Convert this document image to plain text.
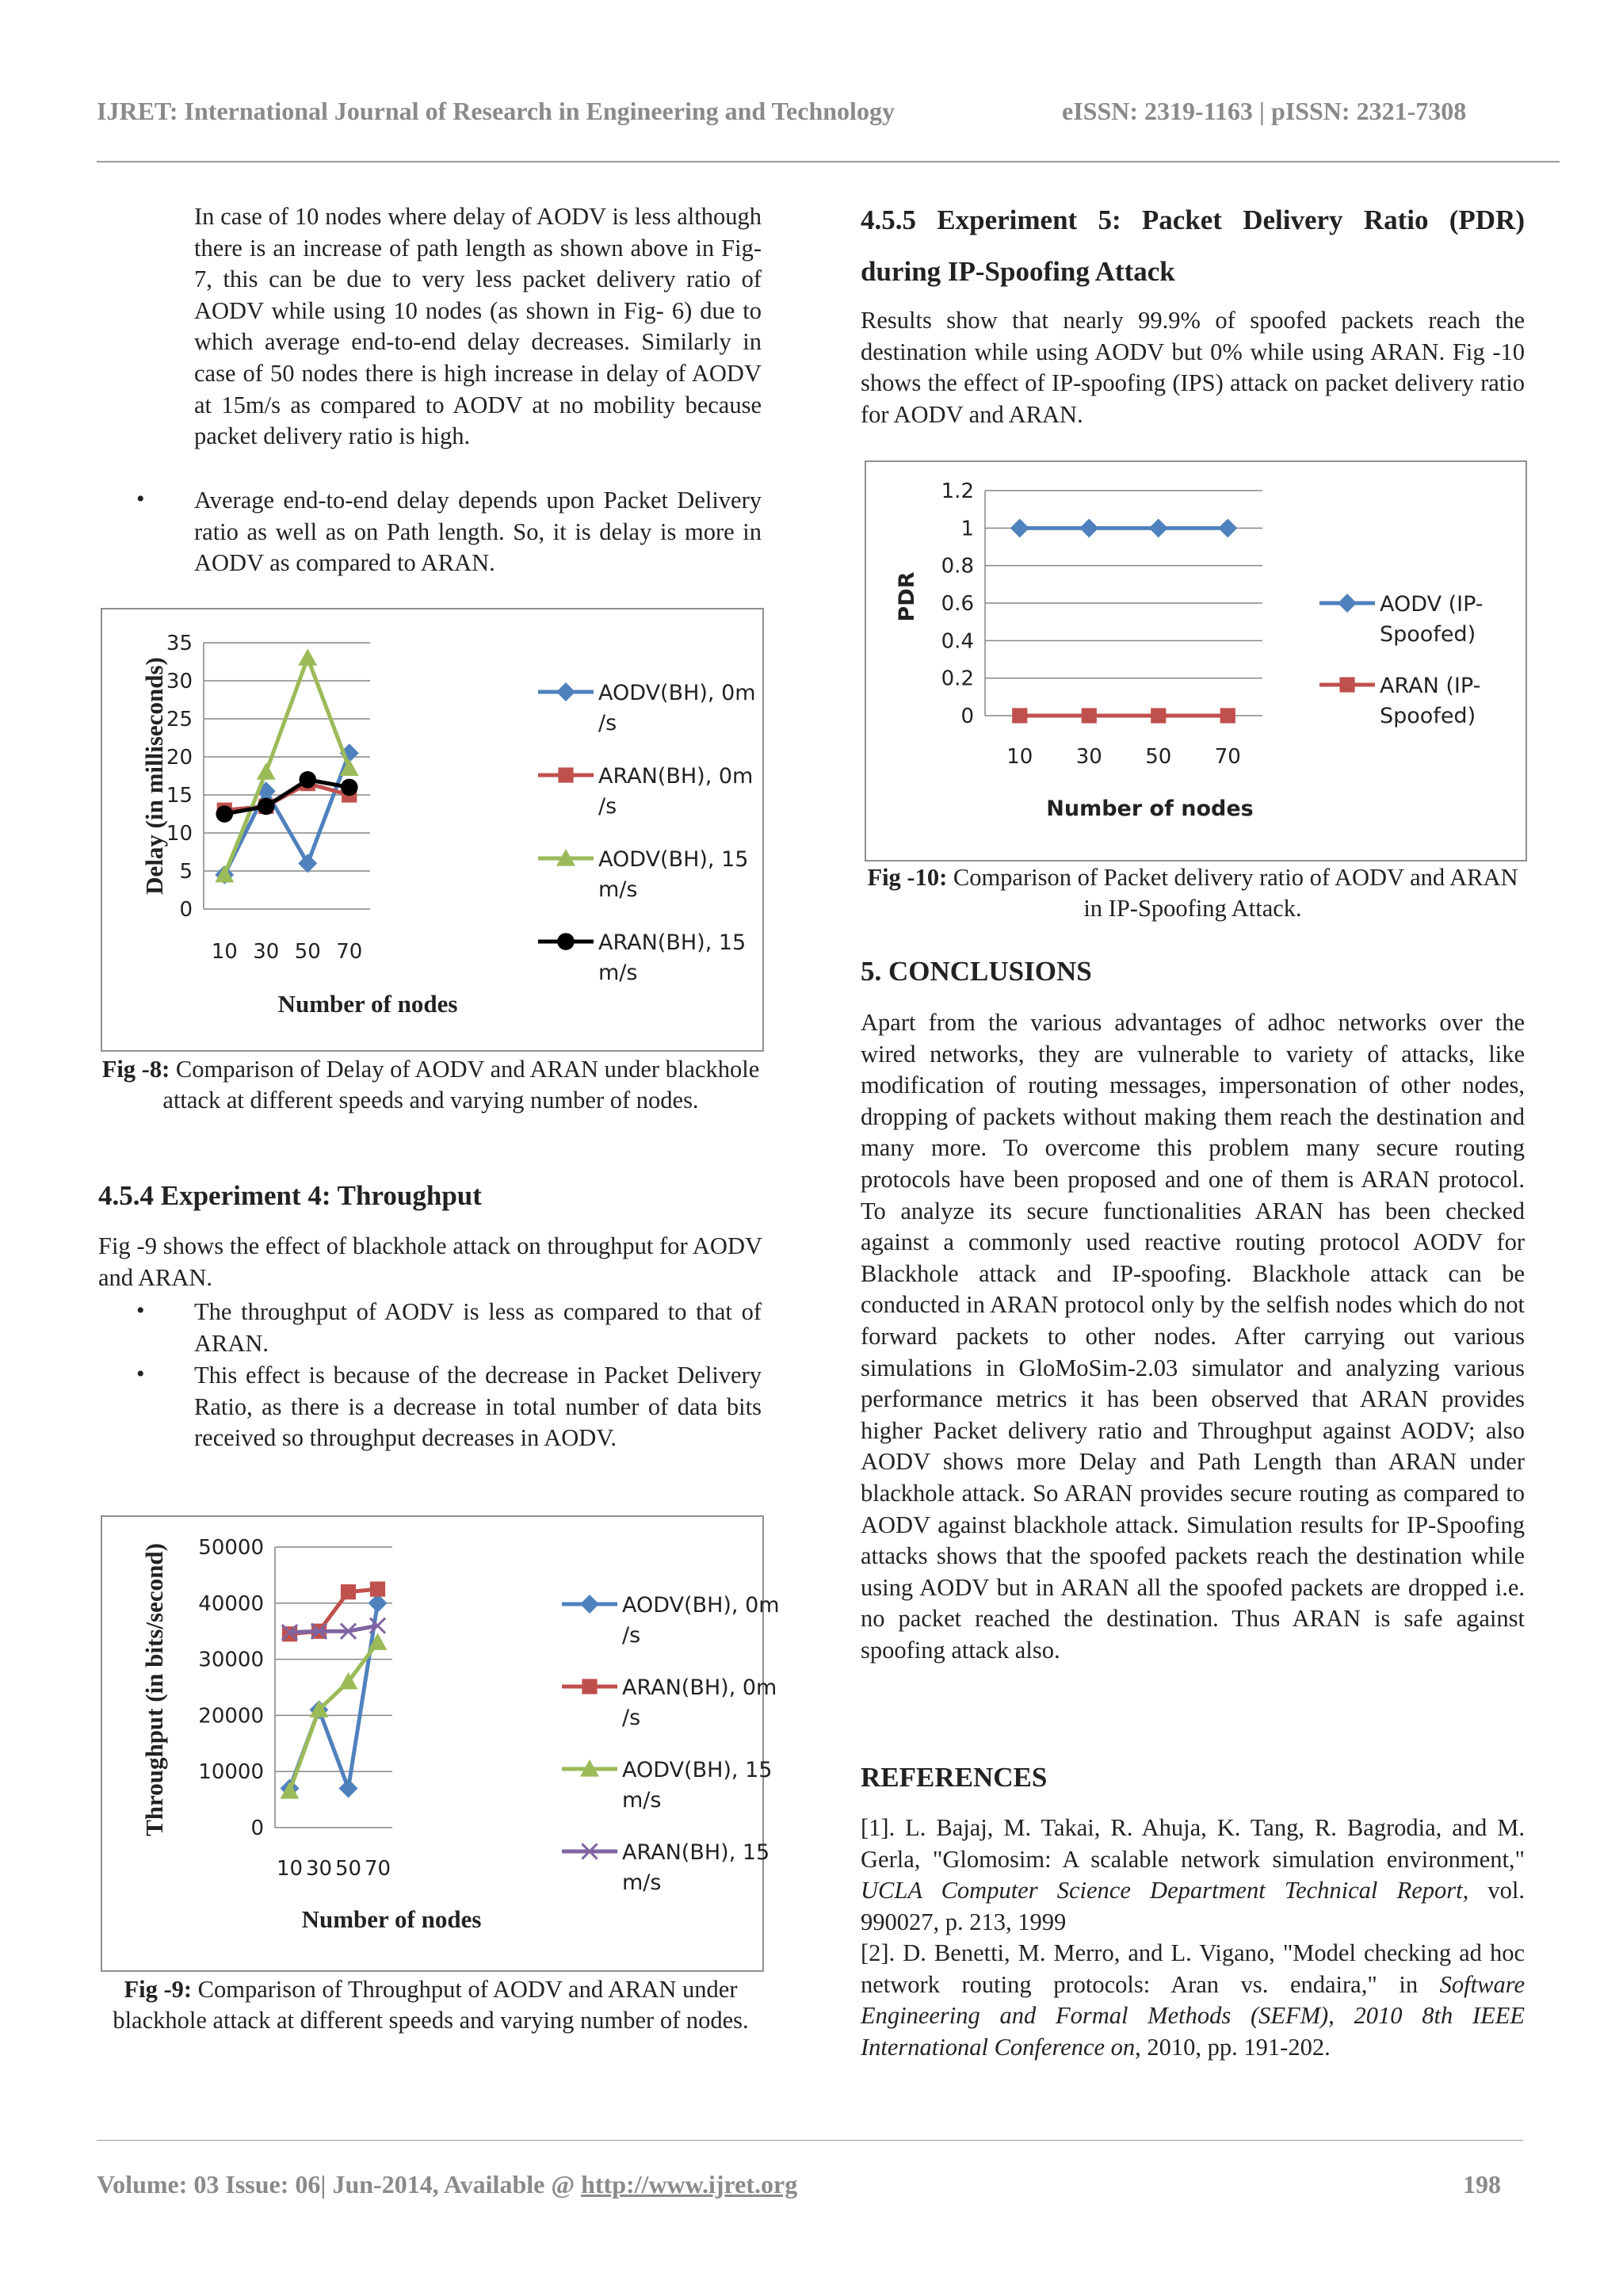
IJRET: International Journal of Research in Engineering and Technology	eISSN: 2319-1163 | pISSN: 2321-7308
In case of 10 nodes where delay of AODV is less although there is an increase of path length as shown above in Fig- 7, this can be due to very less packet delivery ratio of AODV while using 10 nodes (as shown in Fig- 6) due to which average end-to-end delay decreases. Similarly in case of 50 nodes there is high increase in delay of AODV at 15m/s as compared to AODV at no mobility because packet delivery ratio is high.
• Average end-to-end delay depends upon Packet Delivery ratio as well as on Path length. So, it is delay is more in AODV as compared to ARAN.
0
5
10
15
20
25
30
35
10 30 50 70
Number of nodes
Delay (in milliseconds)	AODV(BH), 0m
/s
ARAN(BH), 0m
/s
AODV(BH), 15
m/s
ARAN(BH), 15
m/s
Fig -8: Comparison of Delay of AODV and ARAN under blackhole attack at different speeds and varying number of nodes.
4.5.4 Experiment 4: Throughput
Fig -9 shows the effect of blackhole attack on throughput for AODV and ARAN.
• The throughput of AODV is less as compared to that of ARAN.
• This effect is because of the decrease in Packet Delivery Ratio, as there is a decrease in total number of data bits received so throughput decreases in AODV.
0
10000
20000
30000
40000
50000
10 30 50 70
Number of nodes
Throughput (in bits/second)	AODV(BH), 0m
/s
ARAN(BH), 0m
/s
AODV(BH), 15
m/s
ARAN(BH), 15
m/s
Fig -9: Comparison of Throughput of AODV and ARAN under blackhole attack at different speeds and varying number of nodes.
4.5.5 Experiment 5: Packet Delivery Ratio (PDR)
during IP-Spoofing Attack
Results show that nearly 99.9% of spoofed packets reach the destination while using AODV but 0% while using ARAN. Fig -10 shows the effect of IP-spoofing (IPS) attack on packet delivery ratio for AODV and ARAN.
0
0.2
0.4
0.6
0.8
1
1.2
10 30 50 70
Number of nodes
PDR	AODV (IP-
Spoofed)
ARAN (IP-
Spoofed)
Fig -10: Comparison of Packet delivery ratio of AODV and ARAN in IP-Spoofing Attack.
5. CONCLUSIONS
Apart from the various advantages of adhoc networks over the wired networks, they are vulnerable to variety of attacks, like modification of routing messages, impersonation of other nodes, dropping of packets without making them reach the destination and many more. To overcome this problem many secure routing protocols have been proposed and one of them is ARAN protocol. To analyze its secure functionalities ARAN has been checked against a commonly used reactive routing protocol AODV for Blackhole attack and IP-spoofing. Blackhole attack can be conducted in ARAN protocol only by the selfish nodes which do not forward packets to other nodes. After carrying out various simulations in GloMoSim-2.03 simulator and analyzing various performance metrics it has been observed that ARAN provides higher Packet delivery ratio and Throughput against AODV; also AODV shows more Delay and Path Length than ARAN under blackhole attack. So ARAN provides secure routing as compared to AODV against blackhole attack. Simulation results for IP-Spoofing attacks shows that the spoofed packets reach the destination while using AODV but in ARAN all the spoofed packets are dropped i.e. no packet reached the destination. Thus ARAN is safe against spoofing attack also.
REFERENCES
[1]. L. Bajaj, M. Takai, R. Ahuja, K. Tang, R. Bagrodia, and M. Gerla, "Glomosim: A scalable network simulation environment," UCLA Computer Science Department Technical Report, vol. 990027, p. 213, 1999
[2]. D. Benetti, M. Merro, and L. Vigano, "Model checking ad hoc network routing protocols: Aran vs. endaira," in Software Engineering and Formal Methods (SEFM), 2010 8th IEEE International Conference on, 2010, pp. 191-202.
Volume: 03 Issue: 06| Jun-2014, Available @ http://www.ijret.org	198
